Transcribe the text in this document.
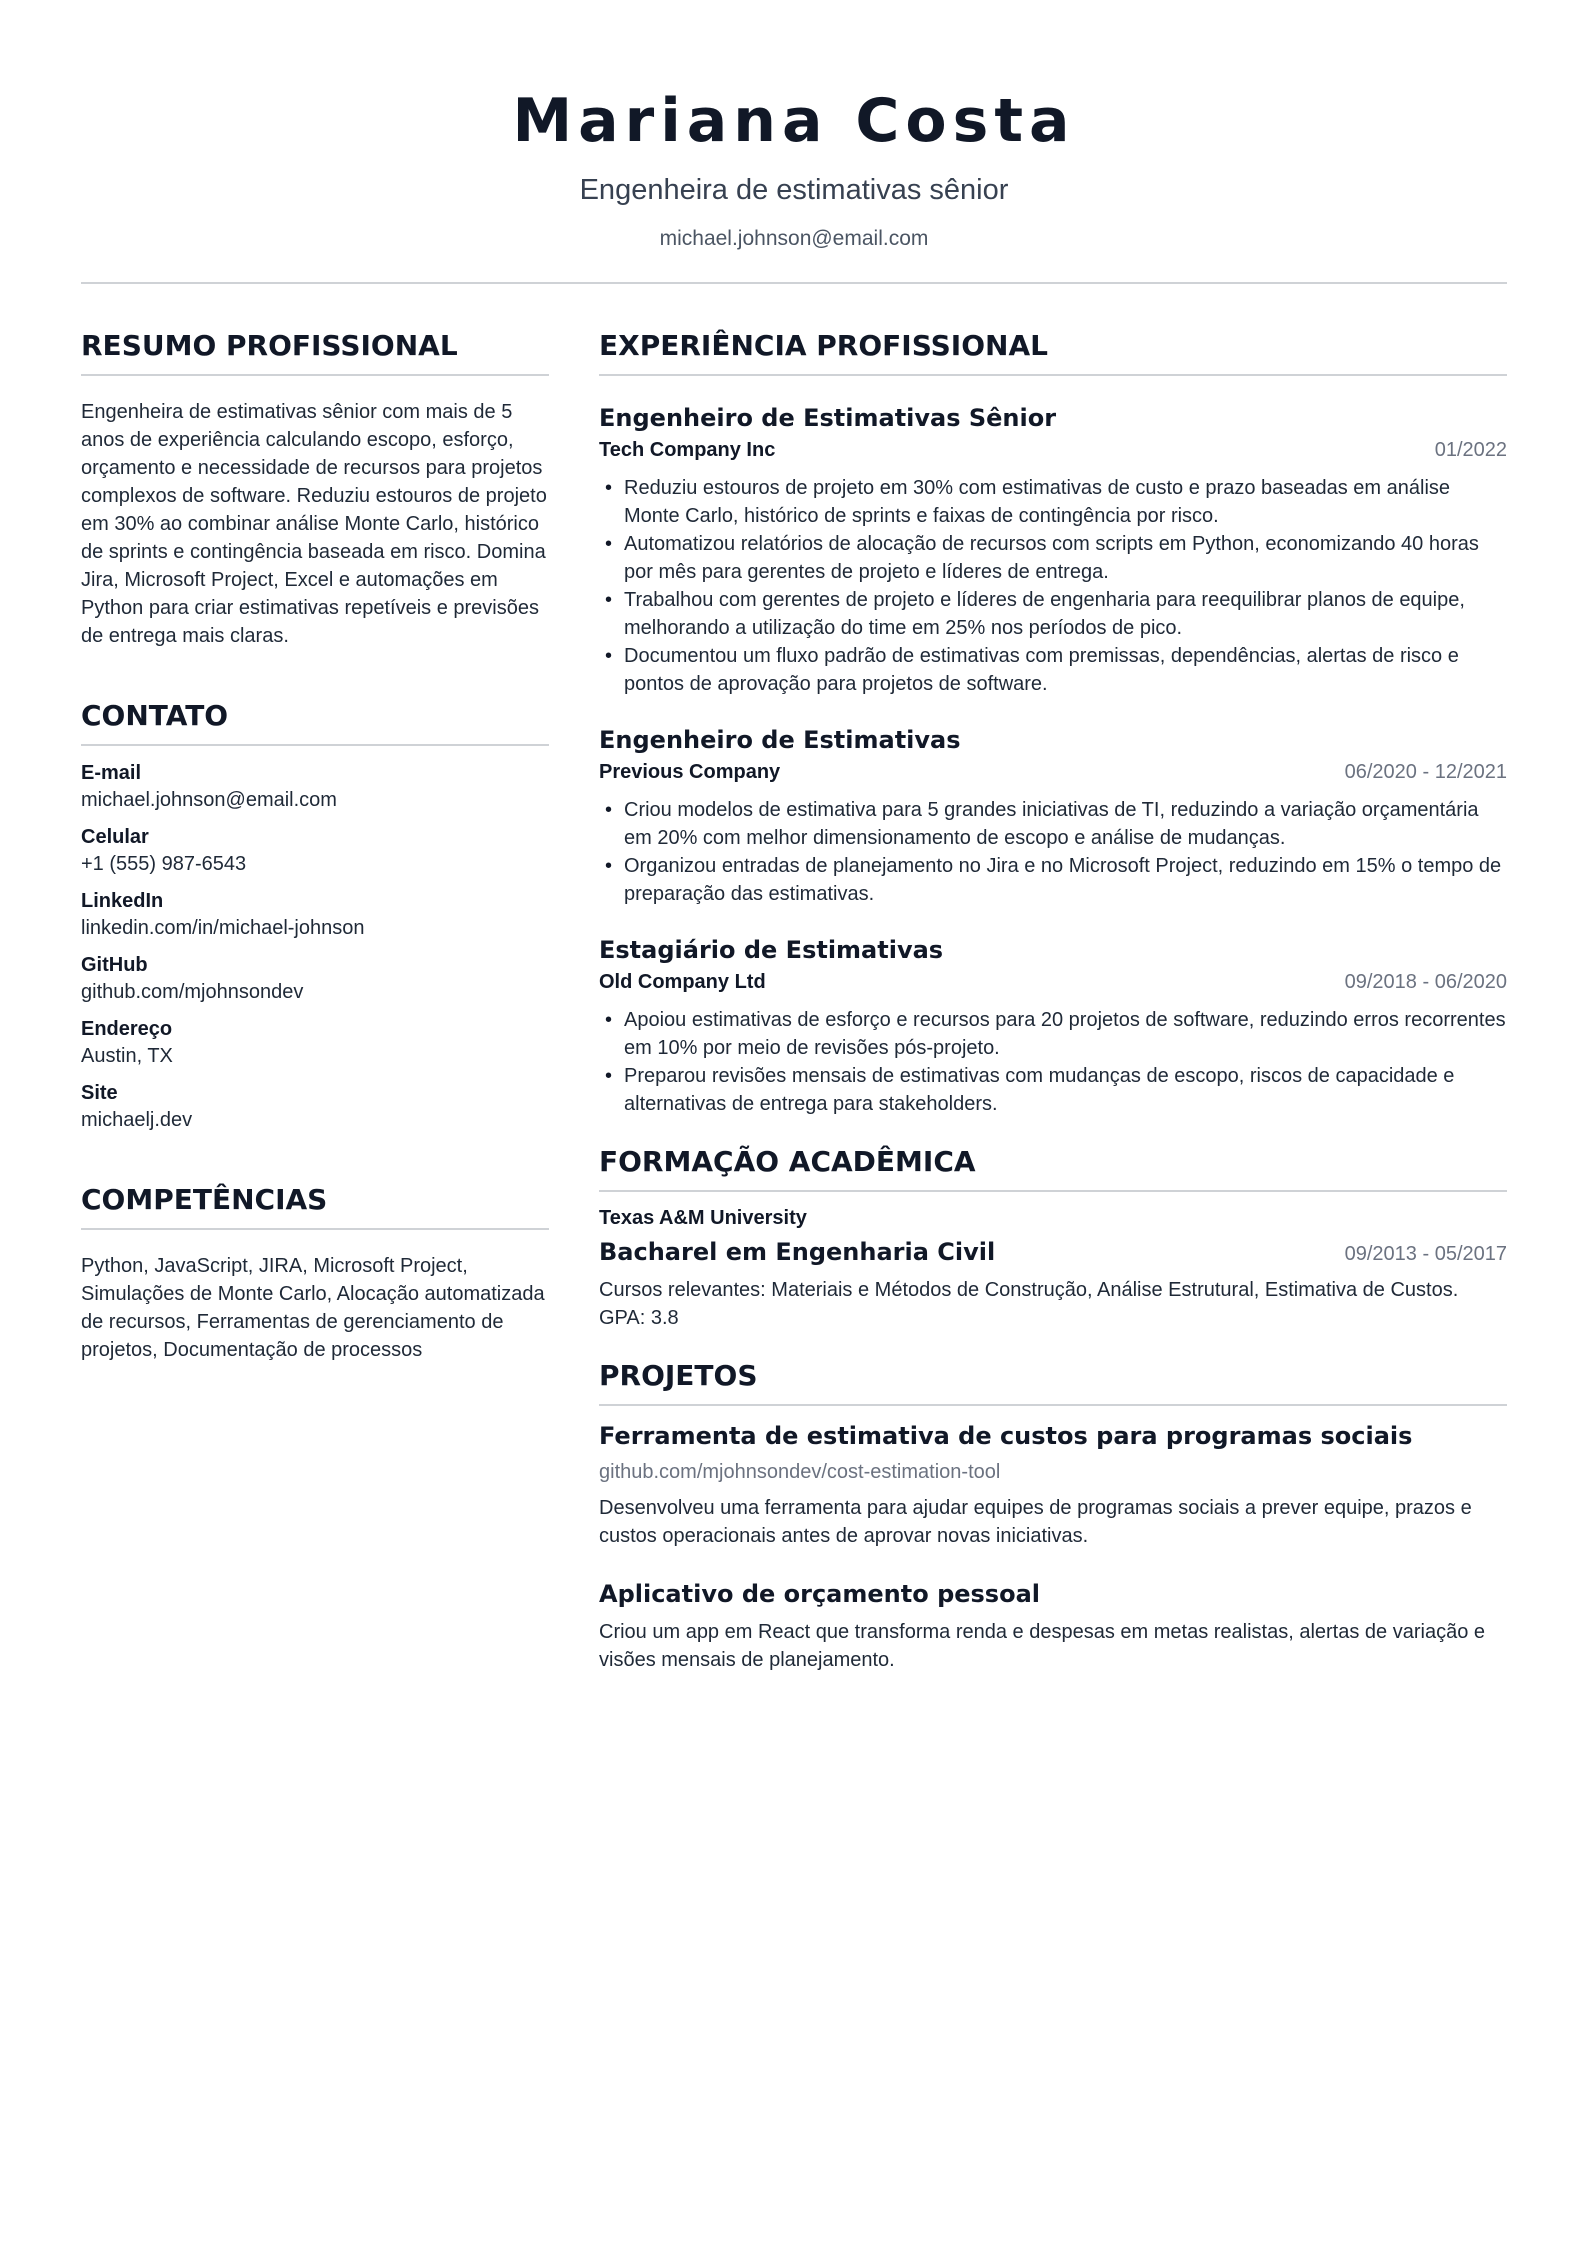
Mariana Costa
Engenheira de estimativas sênior
michael.johnson@email.com
RESUMO PROFISSIONAL

Engenheira de estimativas sênior com mais de 5 anos de experiência calculando escopo, esforço, orçamento e necessidade de recursos para projetos complexos de software. Reduziu estouros de projeto em 30% ao combinar análise Monte Carlo, histórico de sprints e contingência baseada em risco. Domina Jira, Microsoft Project, Excel e automações em Python para criar estimativas repetíveis e previsões de entrega mais claras.

CONTATO
E-mail
michael.johnson@email.com
Celular
+1 (555) 987-6543
LinkedIn
linkedin.com/in/michael-johnson
GitHub
github.com/mjohnsondev
Endereço
Austin, TX
Site
michaelj.dev
COMPETÊNCIAS

Python, JavaScript, JIRA, Microsoft Project, Simulações de Monte Carlo, Alocação automatizada de recursos, Ferramentas de gerenciamento de projetos, Documentação de processos

EXPERIÊNCIA PROFISSIONAL
Engenheiro de Estimativas Sênior
Tech Company Inc	01/2022
• Reduziu estouros de projeto em 30% com estimativas de custo e prazo baseadas em análise Monte Carlo, histórico de sprints e faixas de contingência por risco.
• Automatizou relatórios de alocação de recursos com scripts em Python, economizando 40 horas por mês para gerentes de projeto e líderes de entrega.
• Trabalhou com gerentes de projeto e líderes de engenharia para reequilibrar planos de equipe, melhorando a utilização do time em 25% nos períodos de pico.
• Documentou um fluxo padrão de estimativas com premissas, dependências, alertas de risco e pontos de aprovação para projetos de software.
Engenheiro de Estimativas
Previous Company	06/2020 - 12/2021
• Criou modelos de estimativa para 5 grandes iniciativas de TI, reduzindo a variação orçamentária em 20% com melhor dimensionamento de escopo e análise de mudanças.
• Organizou entradas de planejamento no Jira e no Microsoft Project, reduzindo em 15% o tempo de preparação das estimativas.
Estagiário de Estimativas
Old Company Ltd	09/2018 - 06/2020
• Apoiou estimativas de esforço e recursos para 20 projetos de software, reduzindo erros recorrentes em 10% por meio de revisões pós-projeto.
• Preparou revisões mensais de estimativas com mudanças de escopo, riscos de capacidade e alternativas de entrega para stakeholders.
FORMAÇÃO ACADÊMICA
Texas A&M University
Bacharel em Engenharia Civil	09/2013 - 05/2017
Cursos relevantes: Materiais e Métodos de Construção, Análise Estrutural, Estimativa de Custos. GPA: 3.8
PROJETOS
Ferramenta de estimativa de custos para programas sociais
github.com/mjohnsondev/cost-estimation-tool
Desenvolveu uma ferramenta para ajudar equipes de programas sociais a prever equipe, prazos e custos operacionais antes de aprovar novas iniciativas.
Aplicativo de orçamento pessoal
Criou um app em React que transforma renda e despesas em metas realistas, alertas de variação e visões mensais de planejamento.
